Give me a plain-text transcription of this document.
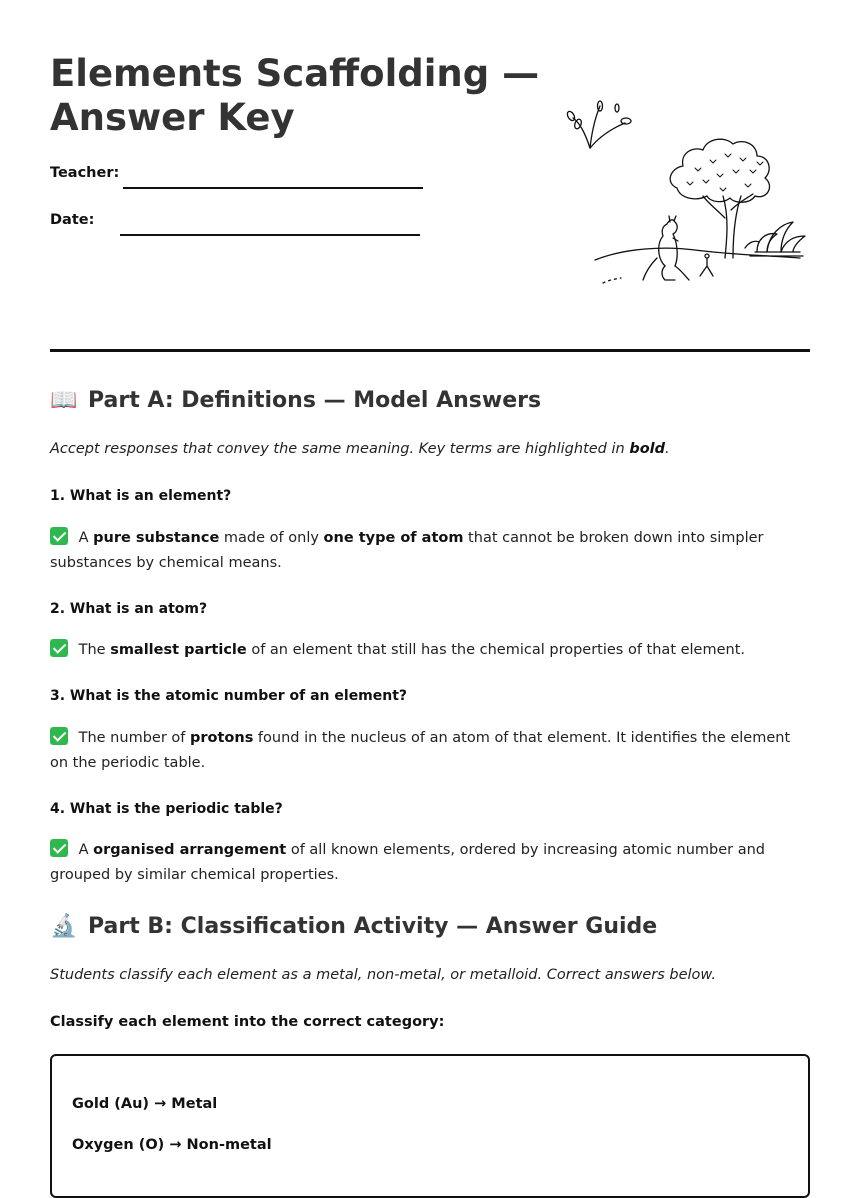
Elements Scaffolding —
Answer Key
Teacher:
Date:
📖 Part A: Definitions — Model Answers

Accept responses that convey the same meaning. Key terms are highlighted in bold.

1. What is an element?

A pure substance made of only one type of atom that cannot be broken down into simpler substances by chemical means.

2. What is an atom?

The smallest particle of an element that still has the chemical properties of that element.

3. What is the atomic number of an element?

The number of protons found in the nucleus of an atom of that element. It identifies the element on the periodic table.

4. What is the periodic table?

A organised arrangement of all known elements, ordered by increasing atomic number and grouped by similar chemical properties.

🔬 Part B: Classification Activity — Answer Guide

Students classify each element as a metal, non-metal, or metalloid. Correct answers below.

Classify each element into the correct category:

Gold (Au) → Metal
Oxygen (O) → Non-metal
